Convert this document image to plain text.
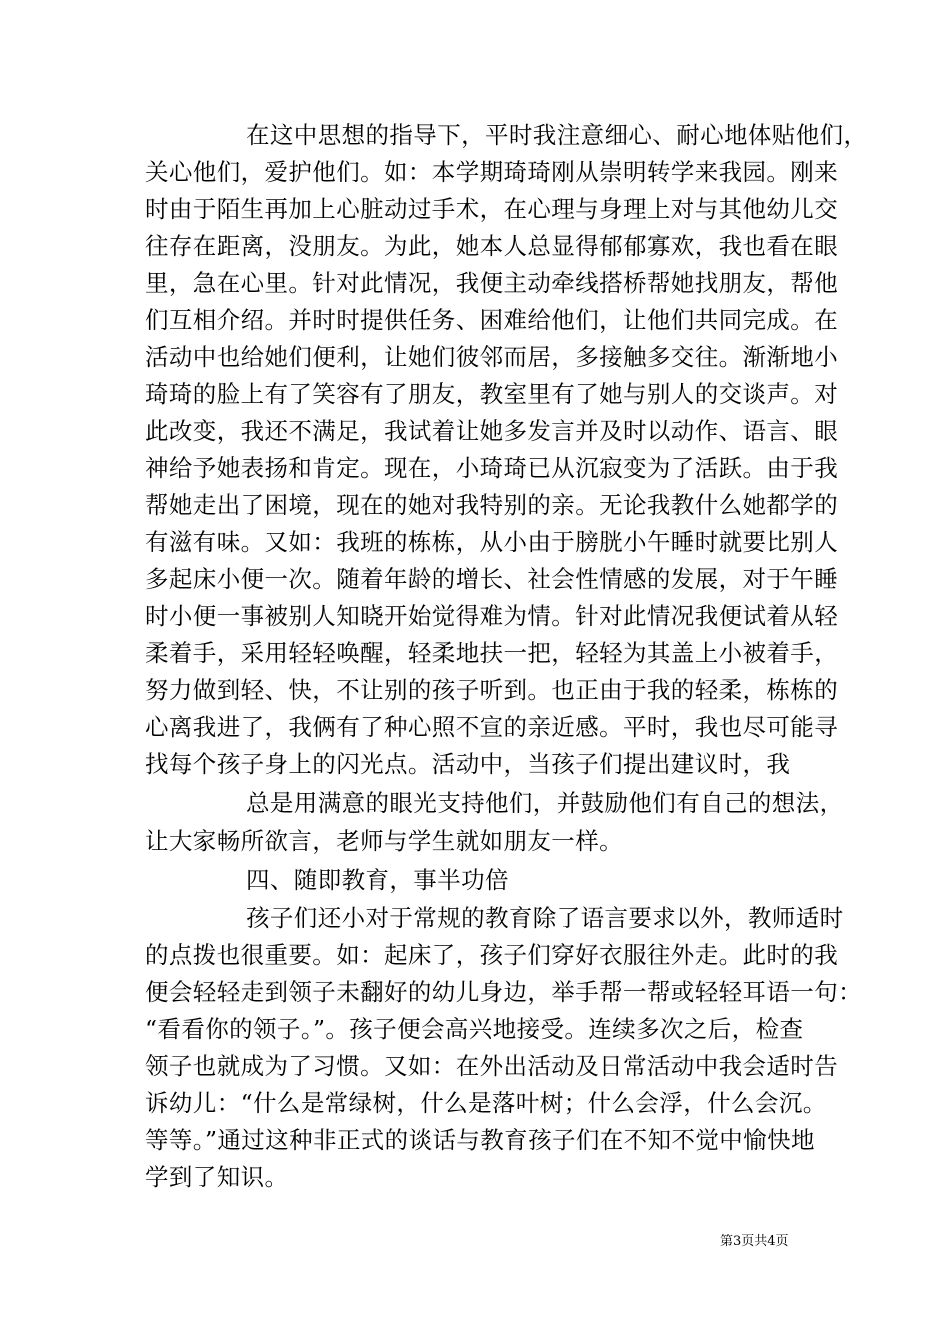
在这中思想的指导下，平时我注意细心、耐心地体贴他们，
关心他们，爱护他们。如：本学期琦琦刚从崇明转学来我园。刚来
时由于陌生再加上心脏动过手术，在心理与身理上对与其他幼儿交
往存在距离，没朋友。为此，她本人总显得郁郁寡欢，我也看在眼
里，急在心里。针对此情况，我便主动牵线搭桥帮她找朋友，帮他
们互相介绍。并时时提供任务、困难给他们，让他们共同完成。在
活动中也给她们便利，让她们彼邻而居，多接触多交往。渐渐地小
琦琦的脸上有了笑容有了朋友，教室里有了她与别人的交谈声。对
此改变，我还不满足，我试着让她多发言并及时以动作、语言、眼
神给予她表扬和肯定。现在，小琦琦已从沉寂变为了活跃。由于我
帮她走出了困境，现在的她对我特别的亲。无论我教什么她都学的
有滋有味。又如：我班的栋栋，从小由于膀胱小午睡时就要比别人
多起床小便一次。随着年龄的增长、社会性情感的发展，对于午睡
时小便一事被别人知晓开始觉得难为情。针对此情况我便试着从轻
柔着手，采用轻轻唤醒，轻柔地扶一把，轻轻为其盖上小被着手，
努力做到轻、快，不让别的孩子听到。也正由于我的轻柔，栋栋的
心离我进了，我俩有了种心照不宣的亲近感。平时，我也尽可能寻
找每个孩子身上的闪光点。活动中，当孩子们提出建议时，我
总是用满意的眼光支持他们，并鼓励他们有自己的想法，
让大家畅所欲言，老师与学生就如朋友一样。
四、随即教育，事半功倍
孩子们还小对于常规的教育除了语言要求以外，教师适时
的点拨也很重要。如：起床了，孩子们穿好衣服往外走。此时的我
便会轻轻走到领子未翻好的幼儿身边，举手帮一帮或轻轻耳语一句：
“看看你的领子。”。孩子便会高兴地接受。连续多次之后，检查
领子也就成为了习惯。又如：在外出活动及日常活动中我会适时告
诉幼儿：“什么是常绿树，什么是落叶树；什么会浮，什么会沉。
等等。”通过这种非正式的谈话与教育孩子们在不知不觉中愉快地
学到了知识。
第3页共4页
